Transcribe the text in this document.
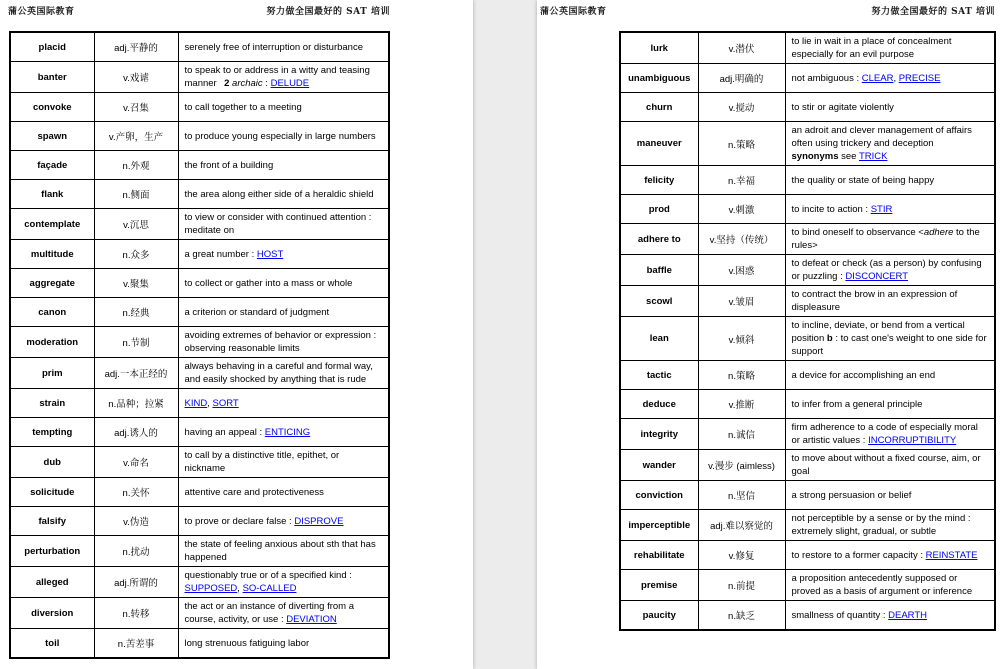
蒲公英国际教育	努力做全国最好的 SAT 培训
placid	adj.平静的	serenely free of interruption or disturbance
banter	v.戏谑	to speak to or address in a witty and teasing manner  2 archaic : DELUDE
convoke	v.召集	to call together to a meeting
spawn	v.产卵，生产	to produce young especially in large numbers
façade	n.外观	the front of a building
flank	n.侧面	the area along either side of a heraldic shield
contemplate	v.沉思	to view or consider with continued attention : meditate on
multitude	n.众多	a great number : HOST
aggregate	v.聚集	to collect or gather into a mass or whole
canon	n.经典	a criterion or standard of judgment
moderation	n.节制	avoiding extremes of behavior or expression : observing reasonable limits
prim	adj.一本正经的	always behaving in a careful and formal way, and easily shocked by anything that is rude
strain	n.品种；拉紧	KIND, SORT
tempting	adj.诱人的	having an appeal : ENTICING
dub	v.命名	to call by a distinctive title, epithet, or nickname
solicitude	n.关怀	attentive care and protectiveness
falsify	v.伪造	to prove or declare false : DISPROVE
perturbation	n.扰动	the state of feeling anxious about sth that has happened
alleged	adj.所谓的	questionably true or of a specified kind : SUPPOSED, SO-CALLED
diversion	n.转移	the act or an instance of diverting from a course, activity, or use : DEVIATION
toil	n.苦差事	long strenuous fatiguing labor
蒲公英国际教育	努力做全国最好的 SAT 培训
lurk	v.潜伏	to lie in wait in a place of concealment especially for an evil purpose
unambiguous	adj.明确的	not ambiguous : CLEAR, PRECISE
churn	v.搅动	to stir or agitate violently
maneuver	n.策略	an adroit and clever management of affairs often using trickery and deception
synonyms see TRICK
felicity	n.幸福	the quality or state of being happy
prod	v.刺激	to incite to action : STIR
adhere to	v.坚持（传统）	to bind oneself to observance <adhere to the rules>
baffle	v.困惑	to defeat or check (as a person) by confusing or puzzling : DISCONCERT
scowl	v.皱眉	to contract the brow in an expression of displeasure
lean	v.倾斜	to incline, deviate, or bend from a vertical position b : to cast one's weight to one side for support
tactic	n.策略	a device for accomplishing an end
deduce	v.推断	to infer from a general principle
integrity	n.诚信	firm adherence to a code of especially moral or artistic values : INCORRUPTIBILITY
wander	v.漫步 (aimless)	to move about without a fixed course, aim, or goal
conviction	n.坚信	a strong persuasion or belief
imperceptible	adj.难以察觉的	not perceptible by a sense or by the mind : extremely slight, gradual, or subtle
rehabilitate	v.修复	to restore to a former capacity : REINSTATE
premise	n.前提	a proposition antecedently supposed or proved as a basis of argument or inference
paucity	n.缺乏	smallness of quantity : DEARTH
